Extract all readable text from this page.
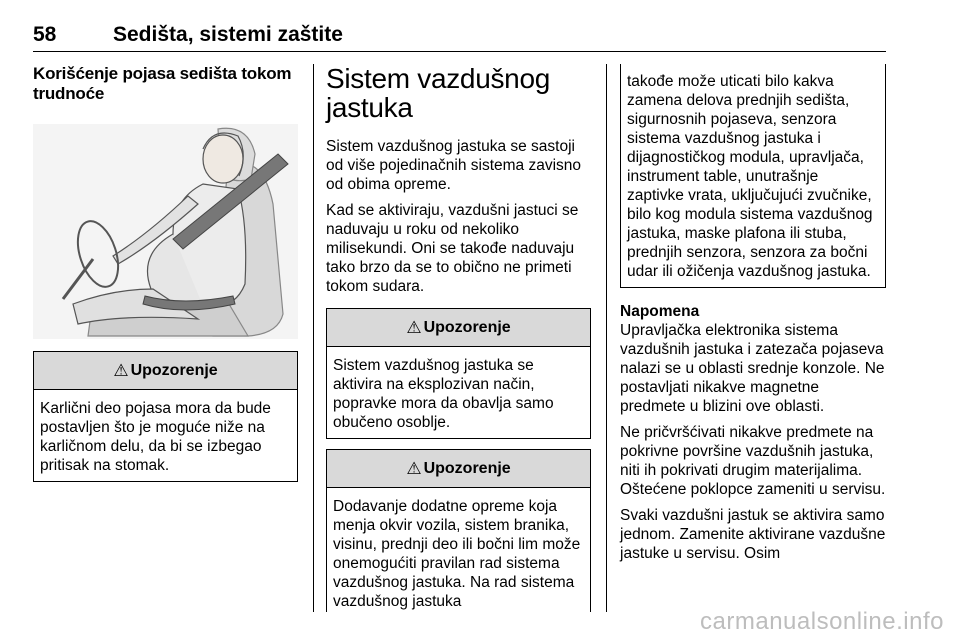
58	Sedišta, sistemi zaštite
Korišćenje pojasa sedišta tokom trudnoće
⚠ Upozorenje
Karlični deo pojasa mora da bude postavljen što je moguće niže na karličnom delu, da bi se izbegao pritisak na stomak.
Sistem vazdušnog jastuka

Sistem vazdušnog jastuka se sastoji od više pojedinačnih sistema zavisno od obima opreme.

Kad se aktiviraju, vazdušni jastuci se naduvaju u roku od nekoliko milisekundi. Oni se takođe naduvaju tako brzo da se to obično ne primeti tokom sudara.

⚠ Upozorenje
Sistem vazdušnog jastuka se aktivira na eksplozivan način, popravke mora da obavlja samo obučeno osoblje.
⚠ Upozorenje
Dodavanje dodatne opreme koja menja okvir vozila, sistem branika, visinu, prednji deo ili bočni lim može onemogućiti pravilan rad sistema vazdušnog jastuka. Na rad sistema vazdušnog jastuka
takođe može uticati bilo kakva zamena delova prednjih sedišta, sigurnosnih pojaseva, senzora sistema vazdušnog jastuka i dijagnostičkog modula, upravljača, instrument table, unutrašnje zaptivke vrata, uključujući zvučnike, bilo kog modula sistema vazdušnog jastuka, maske plafona ili stuba, prednjih senzora, senzora za bočni udar ili ožičenja vazdušnog jastuka.
Napomena

Upravljačka elektronika sistema vazdušnih jastuka i zatezača pojaseva nalazi se u oblasti srednje konzole. Ne postavljati nikakve magnetne predmete u blizini ove oblasti.

Ne pričvršćivati nikakve predmete na pokrivne površine vazdušnih jastuka, niti ih pokrivati drugim materijalima. Oštećene poklopce zameniti u servisu.

Svaki vazdušni jastuk se aktivira samo jednom. Zamenite aktivirane vazdušne jastuke u servisu. Osim

carmanualsonline.info
